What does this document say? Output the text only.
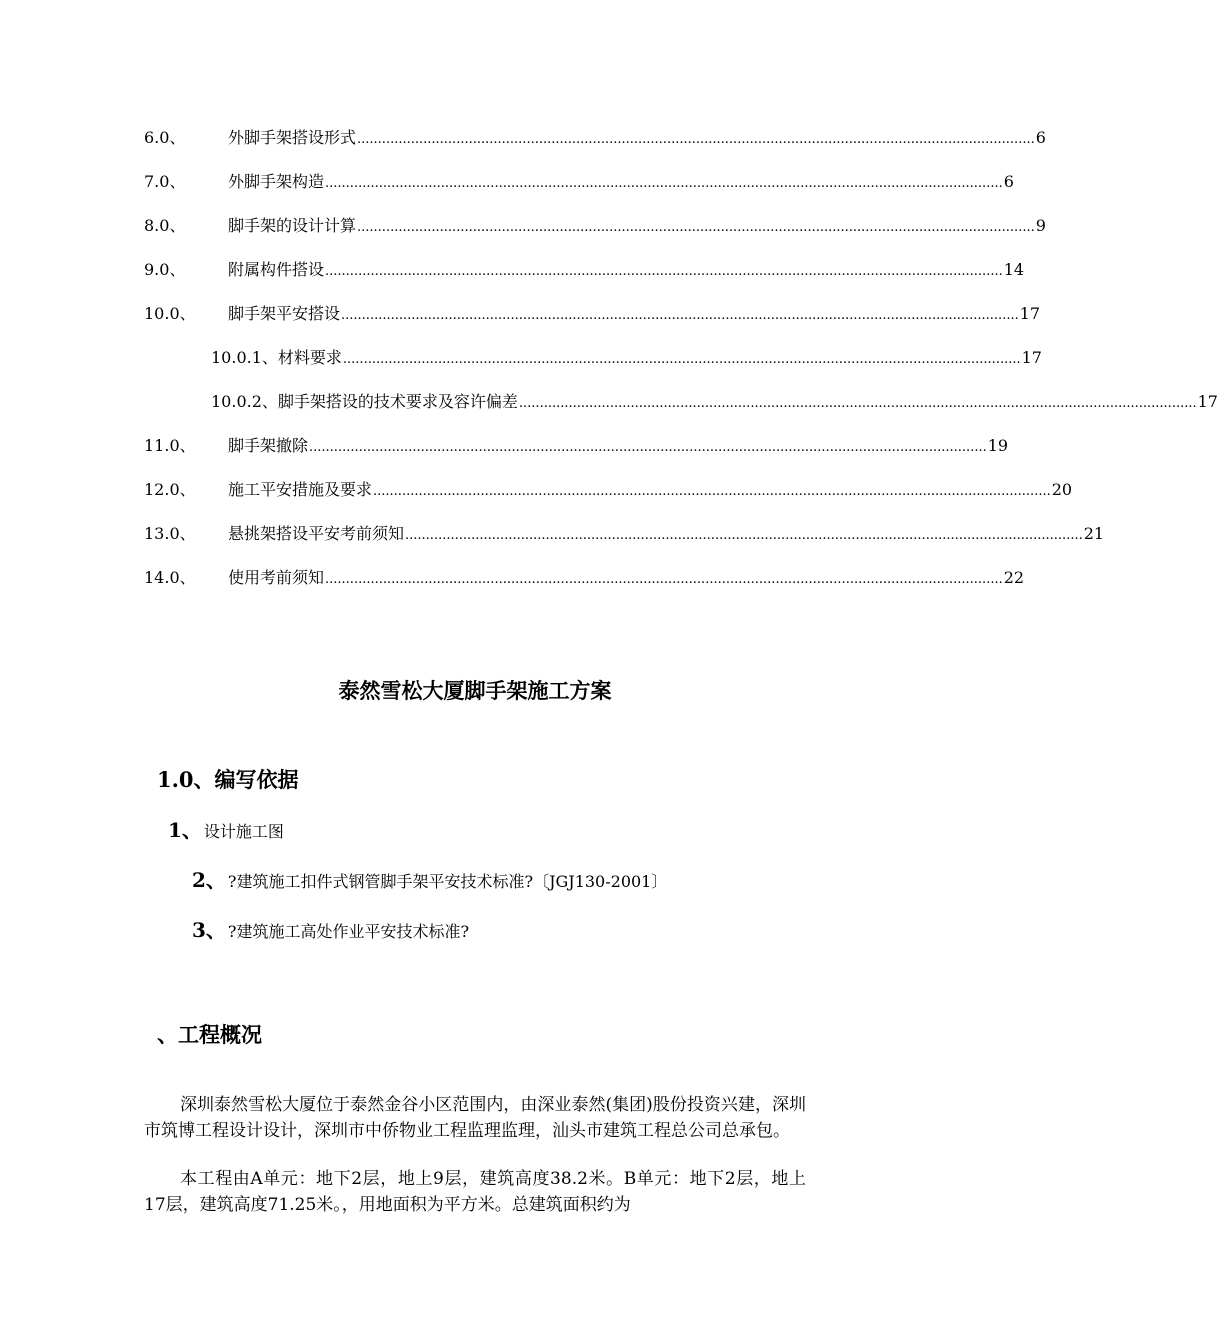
6.0、	外脚手架搭设形式 .................................................................................................................................................................... 6
7.0、	外脚手架构造 .................................................................................................................................................................... 6
8.0、	脚手架的设计计算 .................................................................................................................................................................... 9
9.0、	附属构件搭设 .................................................................................................................................................................... 14
10.0、	脚手架平安搭设 .................................................................................................................................................................... 17
10.0.1、材料要求 .................................................................................................................................................................... 17
10.0.2、脚手架搭设的技术要求及容许偏差 .................................................................................................................................................................... 17
11.0、	脚手架撤除 .................................................................................................................................................................... 19
12.0、	施工平安措施及要求 .................................................................................................................................................................... 20
13.0、	悬挑架搭设平安考前须知 .................................................................................................................................................................... 21
14.0、	使用考前须知 .................................................................................................................................................................... 22
泰然雪松大厦脚手架施工方案
1.0、编写依据
1、 设计施工图
2、 ?建筑施工扣件式钢管脚手架平安技术标准?〔JGJ130-2001〕
3、 ?建筑施工高处作业平安技术标准?
、工程概况

深圳泰然雪松大厦位于泰然金谷小区范围内，由深业泰然(集团)股份投资兴建，深圳市筑博工程设计设计，深圳市中侨物业工程监理监理，汕头市建筑工程总公司总承包。

本工程由A单元：地下2层，地上9层，建筑高度38.2米。B单元：地下2层，地上17层，建筑高度71.25米。，用地面积为平方米。总建筑面积约为
